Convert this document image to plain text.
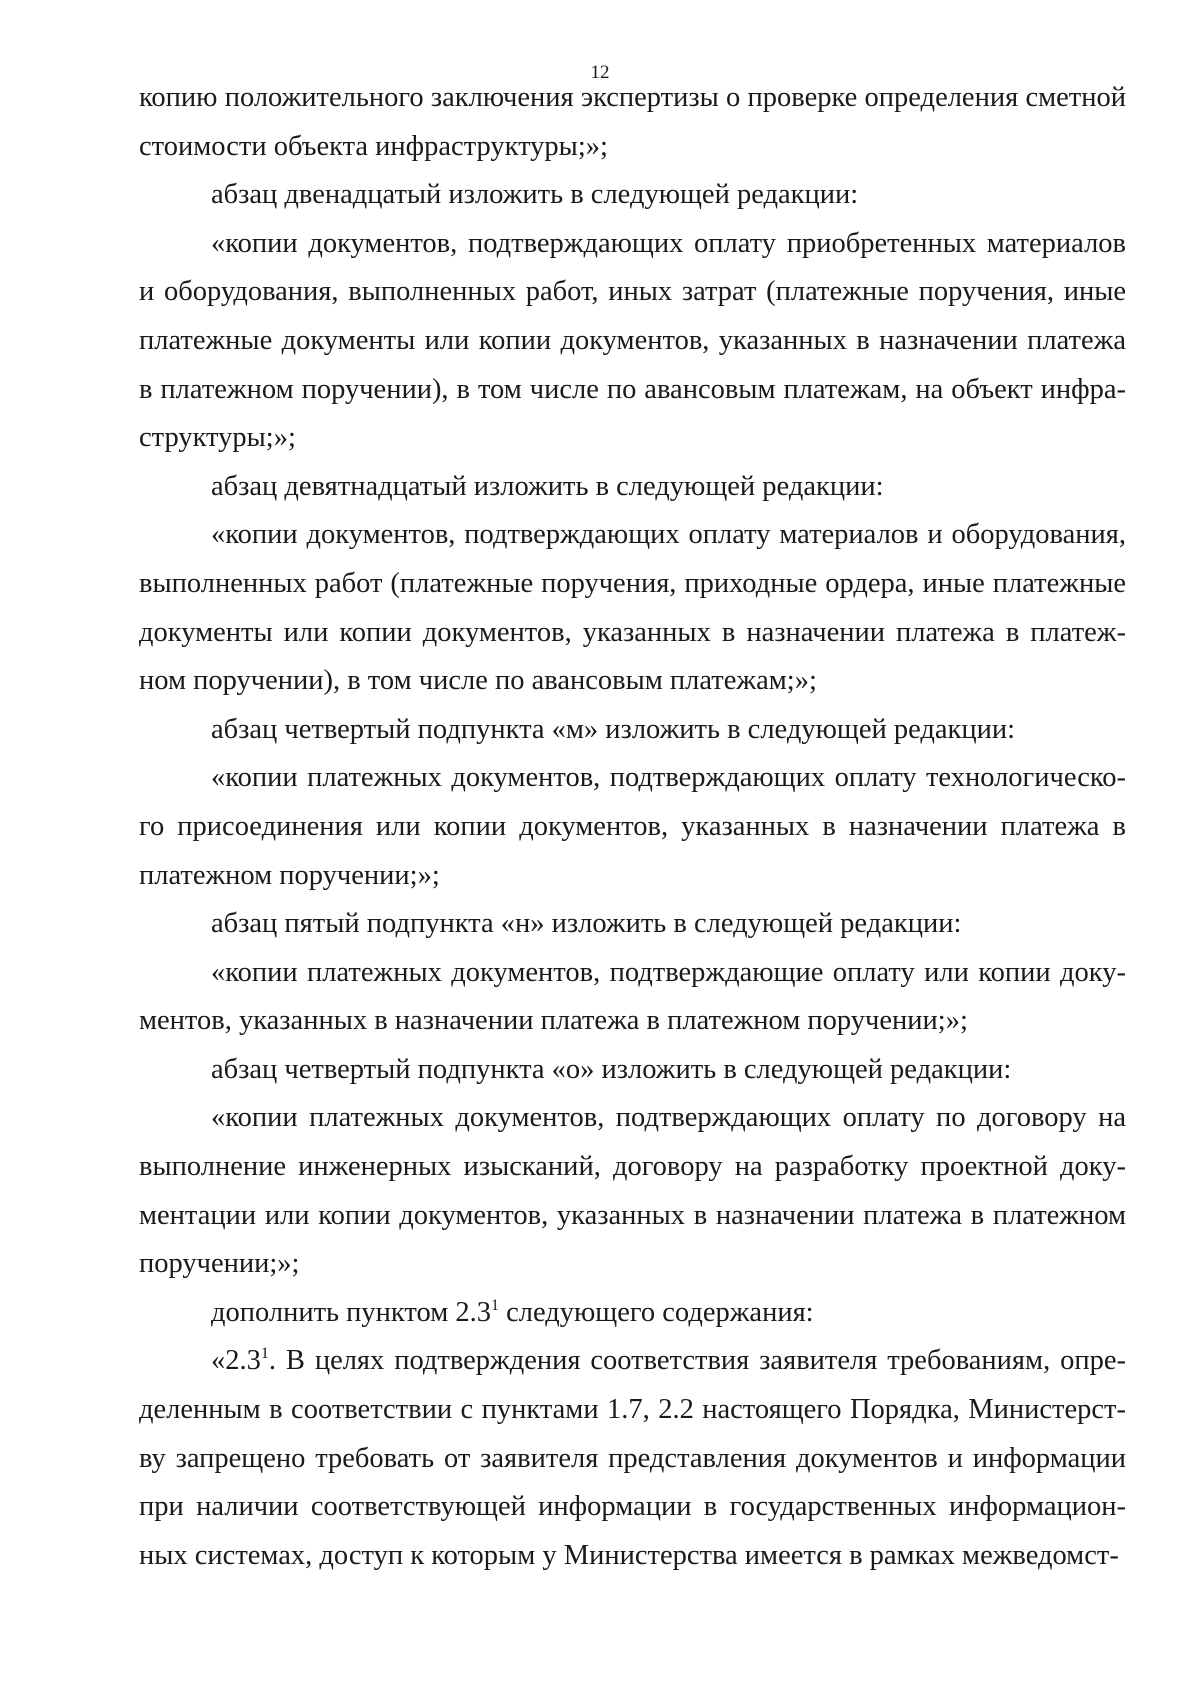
12

копию положительного заключения экспертизы о проверке определения сметной стоимости объекта инфраструктуры;»;

абзац двенадцатый изложить в следующей редакции:

«копии документов, подтверждающих оплату приобретенных материалов и оборудования, выполненных работ, иных затрат (платежные поручения, иные платежные документы или копии документов, указанных в назначении платежа в платежном поручении), в том числе по авансовым платежам, на объект инфраструктуры;»;

абзац девятнадцатый изложить в следующей редакции:

«копии документов, подтверждающих оплату материалов и оборудования, выполненных работ (платежные поручения, приходные ордера, иные платежные документы или копии документов, указанных в назначении платежа в платежном поручении), в том числе по авансовым платежам;»;

абзац четвертый подпункта «м» изложить в следующей редакции:

«копии платежных документов, подтверждающих оплату технологического присоединения или копии документов, указанных в назначении платежа в платежном поручении;»;

абзац пятый подпункта «н» изложить в следующей редакции:

«копии платежных документов, подтверждающие оплату или копии документов, указанных в назначении платежа в платежном поручении;»;

абзац четвертый подпункта «о» изложить в следующей редакции:

«копии платежных документов, подтверждающих оплату по договору на выполнение инженерных изысканий, договору на разработку проектной документации или копии документов, указанных в назначении платежа в платежном поручении;»;

дополнить пунктом $2.3^1$ следующего содержания:

«$2.3^1$. В целях подтверждения соответствия заявителя требованиям, определенным в соответствии с пунктами 1.7, 2.2 настоящего Порядка, Министерству запрещено требовать от заявителя представления документов и информации при наличии соответствующей информации в государственных информационных системах, доступ к которым у Министерства имеется в рамках межведомст-
